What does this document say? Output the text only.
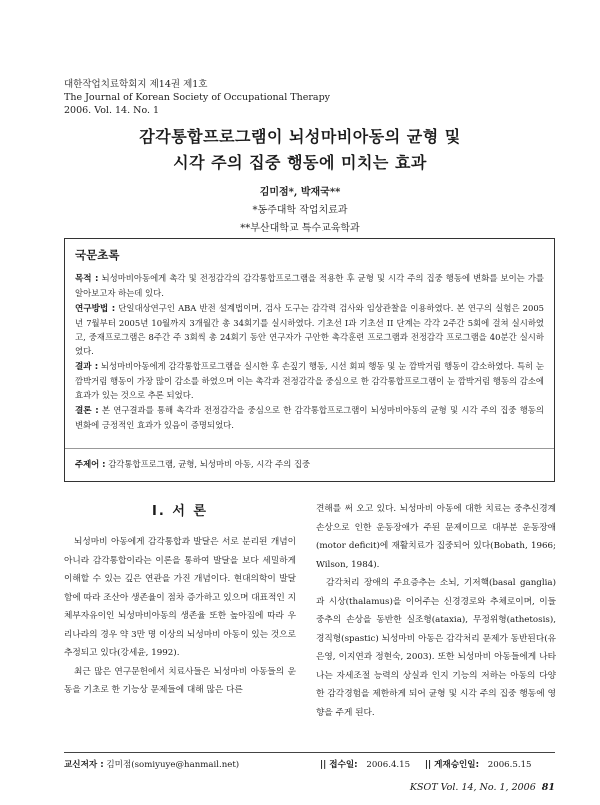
대한작업치료학회지 제14권 제1호
The Journal of Korean Society of Occupational Therapy
2006. Vol. 14. No. 1
감각통합프로그램이 뇌성마비아동의 균형 및
시각 주의 집중 행동에 미치는 효과
김미점*, 박재국**
*동주대학 작업치료과
**부산대학교 특수교육학과
국문초록
목적 : 뇌성마비아동에게 촉각 및 전정감각의 감각통합프로그램을 적용한 후 균형 및 시각 주의 집중 행동에 변화를 보이는 가를 알아보고자 하는데 있다.
연구방법 : 단일대상연구인 ABA 반전 설계법이며, 검사 도구는 감각력 검사와 임상관찰을 이용하였다. 본 연구의 실험은 2005년 7월부터 2005년 10월까지 3개월간 총 34회기를 실시하였다. 기초선 I과 기초선 II 단계는 각각 2주간 5회에 걸쳐 실시하였고, 중재프로그램은 8주간 주 3회씩 총 24회기 동안 연구자가 구안한 촉각훈련 프로그램과 전정감각 프로그램을 40분간 실시하였다.
결과 : 뇌성마비아동에게 감각통합프로그램을 실시한 후 손짚기 행동, 시선 회피 행동 및 눈 깜박거림 행동이 감소하였다. 특히 눈 깜박거림 행동이 가장 많이 감소를 하였으며 이는 촉각과 전정감각을 중심으로 한 감각통합프로그램이 눈 깜박거림 행동의 감소에 효과가 있는 것으로 추론 되었다.
결론 : 본 연구결과를 통해 촉각과 전정감각을 중심으로 한 감각통합프로그램이 뇌성마비아동의 균형 및 시각 주의 집중 행동의 변화에 긍정적인 효과가 있음이 증명되었다.
주제어 : 감각통합프로그램, 균형, 뇌성마비 아동, 시각 주의 집중
Ⅰ. 서 론

뇌성마비 아동에게 감각통합과 발달은 서로 분리된 개념이 아니라 감각통합이라는 이론을 통하여 발달을 보다 세밀하게 이해할 수 있는 깊은 연관을 가진 개념이다. 현대의학이 발달함에 따라 조산아 생존율이 점차 증가하고 있으며 대표적인 지체부자유이인 뇌성마비아동의 생존율 또한 높아짐에 따라 우리나라의 경우 약 3만 명 이상의 뇌성마비 아동이 있는 것으로 추정되고 있다(강세윤, 1992).

최근 많은 연구문헌에서 치료사들은 뇌성마비 아동들의 운동을 기초로 한 기능상 문제들에 대해 많은 다른

견해를 써 오고 있다. 뇌성마비 아동에 대한 치료는 중추신경계 손상으로 인한 운동장애가 주된 문제이므로 대부분 운동장애(motor deficit)에 재활치료가 집중되어 있다(Bobath, 1966; Wilson, 1984).

감각처리 장애의 주요증추는 소뇌, 기저핵(basal ganglia)과 시상(thalamus)을 이어주는 신경경로와 추체로이며, 이들 중추의 손상을 동반한 실조형(ataxia), 무정위형(athetosis), 경직형(spastic) 뇌성마비 아동은 감각처리 문제가 동반된다(유은영, 이지연과 정현숙, 2003). 또한 뇌성마비 아동들에게 나타나는 자세조절 능력의 상실과 인지 기능의 저하는 아동의 다양한 감각경험을 제한하게 되어 균형 및 시각 주의 집중 행동에 영향을 주게 된다.

교신저자 : 김미점(somiyuye@hanmail.net)	|| 접수일: 2006.4.15 || 게재승인일: 2006.5.15
KSOT Vol. 14, No. 1, 2006 81
